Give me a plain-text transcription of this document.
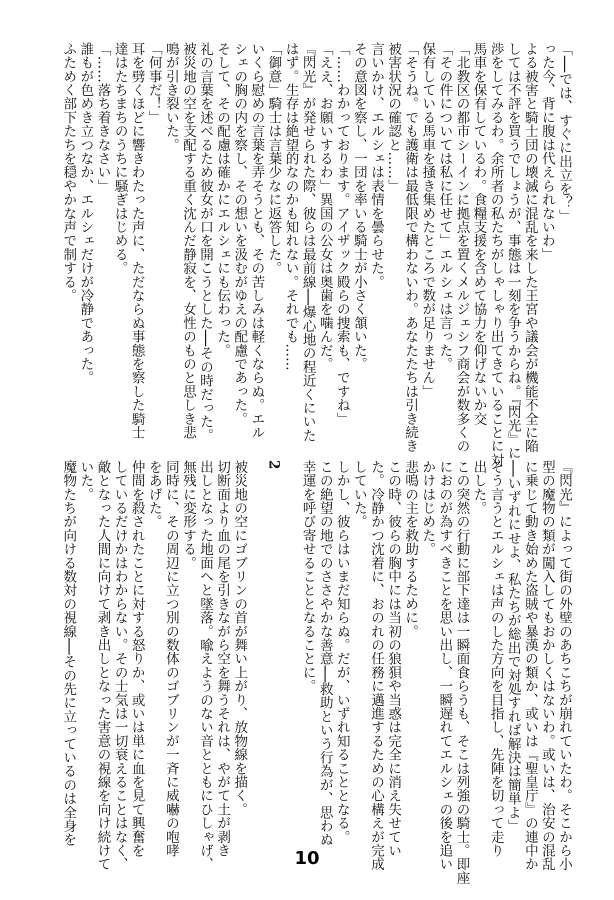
「──では、すぐに出立を？」
った今、背に腹は代えられないわ」
よる被害と騎士団の壊滅に混乱を来した王宮や議会が機能不全に陥
しては不評を買うでしょうが、事態は一刻を争うからね。『閃光』に
渉をしてみるわ。余所者の私たちがしゃしゃり出てきていることに対
馬車を保有しているわ。食糧支援を含めて協力を仰げないか交
「北教区の都市シーインに拠点を置くメルジェシフ商会が数多くの
「その件については私に任せて」エルシェは言った。
保有している馬車を掻き集めたところで数が足りません」
「そうね。でも護衛は最低限で構わないわ。あなたたちは引き続き
被害状況の確認と……」
言いかけ、エルシェは表情を曇らせた。
その意図を察し、一団を率いる騎士が小さく頷いた。
「……わかっております。アイザック殿らの捜索も、ですね」
「ええ、お願いするわ」異国の公女は奥歯を噛んだ。
『閃光』が発せられた際、彼らは最前線──爆心地の程近くにいた
はず。生存は絶望的なのかも知れない。それでも……
「御意」騎士は言葉少なに返答した。
いくら慰めの言葉を弄そうとも、その苦しみは軽くならぬ。エル
シェの胸の内を察し、その想いを汲むがゆえの配慮であった。
そして、その配慮は確かにエルシェにも伝わった。
礼の言葉を述べるため彼女が口を開こうとした──その時だった。
被災地の空を支配する重く沈んだ静寂を、女性のものと思しき悲
鳴が引き裂いた。
「何事だ！」
耳を劈くほどに響きわたった声に、ただならぬ事態を察した騎士
達はたちまちのうちに騒ぎはじめる。
「……落ち着きなさい」
誰もが色めき立つなか、エルシェだけが冷静であった。
ふためく部下たちを穏やかな声で制する。
『閃光』によって街の外壁のあちこちが崩れていたわ。そこから小
型の魔物の類が闖入してもおかしくはないわ。或いは、治安の混乱
に乗じて動き始めた盗賊や暴漢の類か、或いは『聖皇庁』の連中か
──いずれにせよ、私たちが総出で対処すれば解決は簡単よ」
そう言うとエルシェは声のした方向を目指し、先陣を切って走り
出した。
この突然の行動に部下達は一瞬面食らうも、そこは列強の騎士。即座
におのが為すべきことを思い出し、一瞬遅れてエルシェの後を追い
かけはじめた。
悲鳴の主を救助するために。
この時、彼らの胸中には当初の狼狽や当惑は完全に消え失せてい
た。冷静かつ沈着に、おのれの任務に邁進するための心構えが完成
していた。
しかし、彼らはいまだ知らぬ。だが、いずれ知ることとなる。
この絶望の地でのささやかな善意──救助という行為が、思わぬ
幸運を呼び寄せることとなることに。

2

被災地の空にゴブリンの首が舞い上がり、放物線を描く。
切断面より血の尾を引きながら空を舞うそれは、やがて土が剥き
出しとなった地面へと墜落。喩えようのない音とともにひしゃげ、
無残に変形する。
同時に、その周辺に立つ別の数体のゴブリンが一斉に威嚇の咆哮
をあげた。
仲間を殺されたことに対する怒りか、或いは単に血を見て興奮を
しているだけかはわからない。その士気は一切衰えることはなく、
敵となった人間に向けて剥き出しとなった害意の視線を向け続けて
いた。
魔物たちが向ける数対の視線──その先に立っているのは全身を
10
